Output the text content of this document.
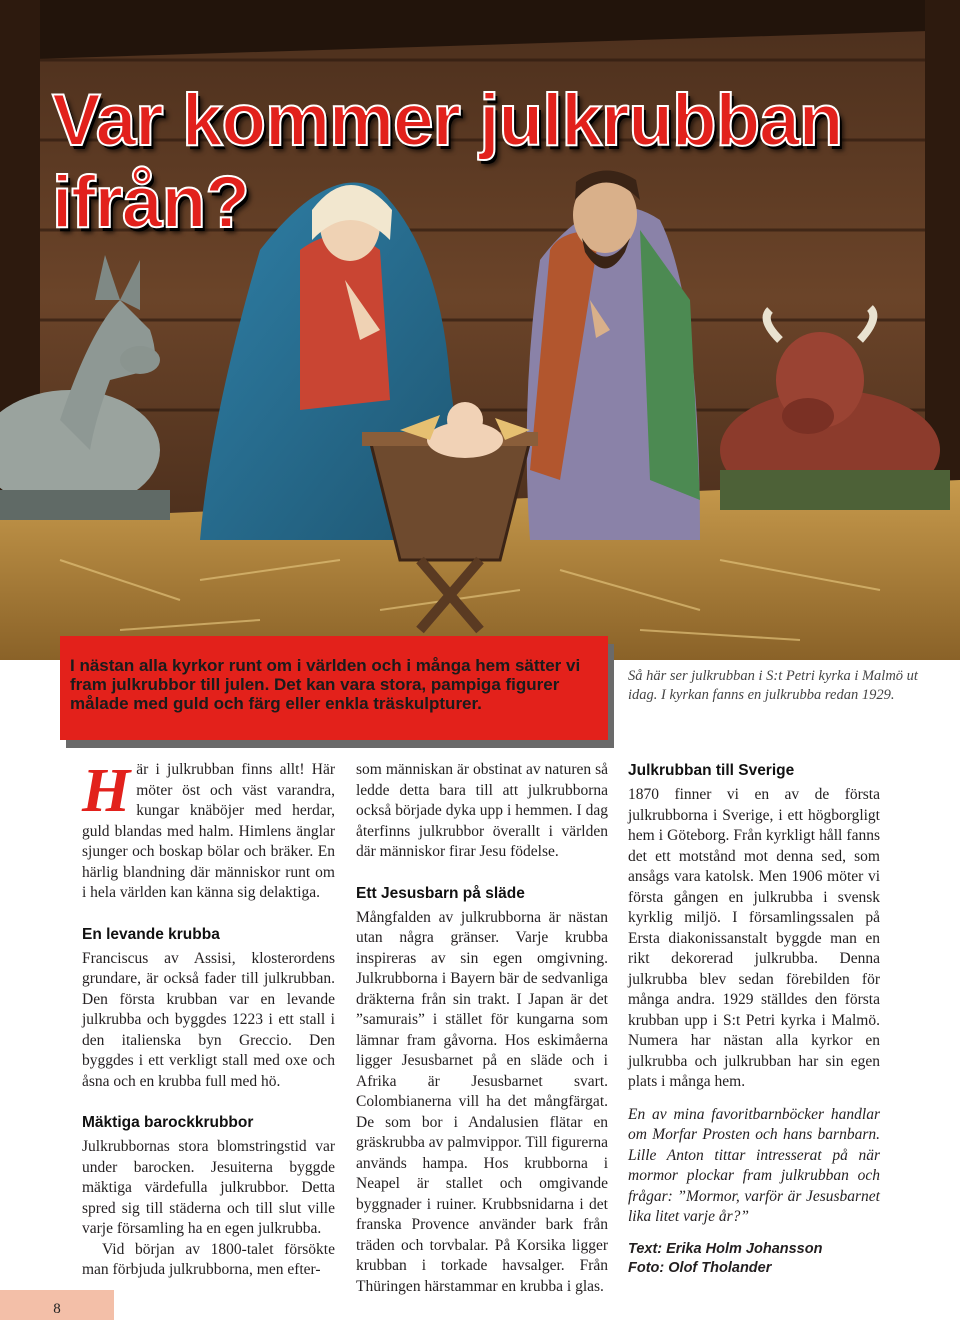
Var kommer julkrubban ifrån?

I nästan alla kyrkor runt om i världen och i många hem sätter vi fram julkrubbor till julen. Det kan vara stora, pampiga figurer målade med guld och färg eller enkla träskulpturer.

Så här ser julkrubban i S:t Petri kyrka i Malmö ut idag. I kyrkan fanns en julkrubba redan 1929.

Här i julkrubban finns allt! Här möter öst och väst varandra, kungar knäböjer med herdar, guld blandas med halm. Himlens änglar sjunger och boskap bölar och bräker. En härlig blandning där människor runt om i hela världen kan känna sig delaktiga.

En levande krubba

Franciscus av Assisi, klosterordens grundare, är också fader till julkrubban. Den första krubban var en levande julkrubba och byggdes 1223 i ett stall i den italienska byn Greccio. Den byggdes i ett verkligt stall med oxe och åsna och en krubba full med hö.

Mäktiga barockkrubbor

Julkrubbornas stora blomstringstid var under barocken. Jesuiterna byggde mäktiga värdefulla julkrubbor. Detta spred sig till städerna och till slut ville varje församling ha en egen julkrubba.

Vid början av 1800-talet försökte man förbjuda julkrubborna, men efter-

som människan är obstinat av naturen så ledde detta bara till att julkrubborna också började dyka upp i hemmen. I dag återfinns julkrubbor överallt i världen där människor firar Jesu födelse.

Ett Jesusbarn på släde

Mångfalden av julkrubborna är nästan utan några gränser. Varje krubba inspireras av sin egen omgivning. Julkrubborna i Bayern bär de sedvanliga dräkterna från sin trakt. I Japan är det ”samurais” i stället för kungarna som lämnar fram gåvorna. Hos eskimåerna ligger Jesusbarnet på en släde och i Afrika är Jesusbarnet svart. Colombianerna vill ha det mångfärgat. De som bor i Andalusien flätar en gräskrubba av palmvippor. Till figurerna används hampa. Hos krubborna i Neapel är stallet och omgivande byggnader i ruiner. Krubbsnidarna i det franska Provence använder bark från träden och torvbalar. På Korsika ligger krubban i torkade havsalger. Från Thüringen härstammar en krubba i glas.

Julkrubban till Sverige

1870 finner vi en av de första julkrubborna i Sverige, i ett högborgligt hem i Göteborg. Från kyrkligt håll fanns det ett motstånd mot denna sed, som ansågs vara katolsk. Men 1906 möter vi första gången en julkrubba i svensk kyrklig miljö. I församlingssalen på Ersta diakonissanstalt byggde man en rikt dekorerad julkrubba. Denna julkrubba blev sedan förebilden för många andra. 1929 ställdes den första krubban upp i S:t Petri kyrka i Malmö. Numera har nästan alla kyrkor en julkrubba och julkrubban har sin egen plats i många hem.

En av mina favoritbarnböcker handlar om Morfar Prosten och hans barnbarn. Lille Anton tittar intresserat på när mormor plockar fram julkrubban och frågar: ”Mormor, varför är Jesusbarnet lika litet varje år?”

Text: Erika Holm Johansson

Foto: Olof Tholander

8
